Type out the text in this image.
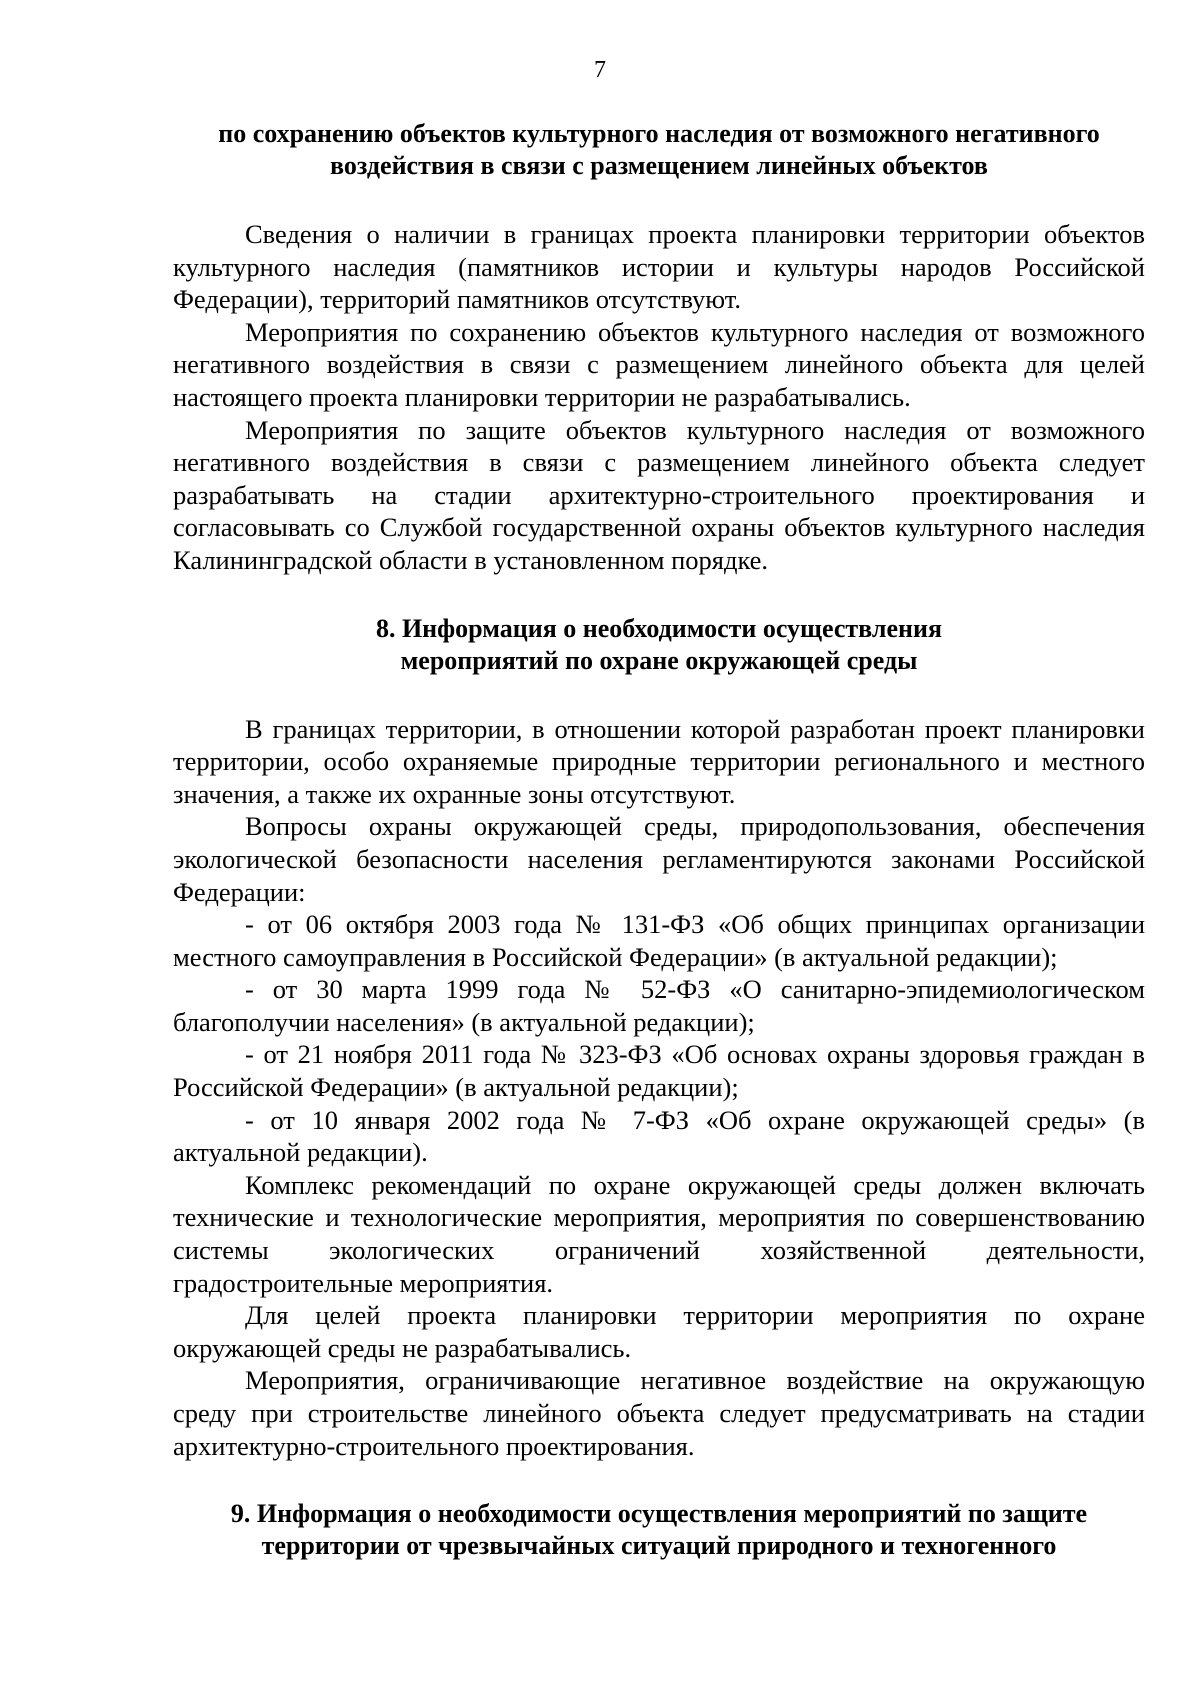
7
по сохранению объектов культурного наследия от возможного негативного
воздействия в связи с размещением линейных объектов

Сведения о наличии в границах проекта планировки территории объектов культурного наследия (памятников истории и культуры народов Российской Федерации), территорий памятников отсутствуют.

Мероприятия по сохранению объектов культурного наследия от возможного негативного воздействия в связи с размещением линейного объекта для целей настоящего проекта планировки территории не разрабатывались.

Мероприятия по защите объектов культурного наследия от возможного негативного воздействия в связи с размещением линейного объекта следует разрабатывать на стадии архитектурно-строительного проектирования и согласовывать со Службой государственной охраны объектов культурного наследия Калининградской области в установленном порядке.

8. Информация о необходимости осуществления
мероприятий по охране окружающей среды

В границах территории, в отношении которой разработан проект планировки территории, особо охраняемые природные территории регионального и местного значения, а также их охранные зоны отсутствуют.

Вопросы охраны окружающей среды, природопользования, обеспечения экологической безопасности населения регламентируются законами Российской Федерации:

- от 06 октября 2003 года № 131-ФЗ «Об общих принципах организации местного самоуправления в Российской Федерации» (в актуальной редакции);

- от 30 марта 1999 года № 52-ФЗ «О санитарно-эпидемиологическом благополучии населения» (в актуальной редакции);

- от 21 ноября 2011 года № 323-ФЗ «Об основах охраны здоровья граждан в Российской Федерации» (в актуальной редакции);

- от 10 января 2002 года № 7-ФЗ «Об охране окружающей среды» (в актуальной редакции).

Комплекс рекомендаций по охране окружающей среды должен включать технические и технологические мероприятия, мероприятия по совершенствованию системы экологических ограничений хозяйственной деятельности, градостроительные мероприятия.

Для целей проекта планировки территории мероприятия по охране окружающей среды не разрабатывались.

Мероприятия, ограничивающие негативное воздействие на окружающую среду при строительстве линейного объекта следует предусматривать на стадии архитектурно-строительного проектирования.

9. Информация о необходимости осуществления мероприятий по защите
территории от чрезвычайных ситуаций природного и техногенного
